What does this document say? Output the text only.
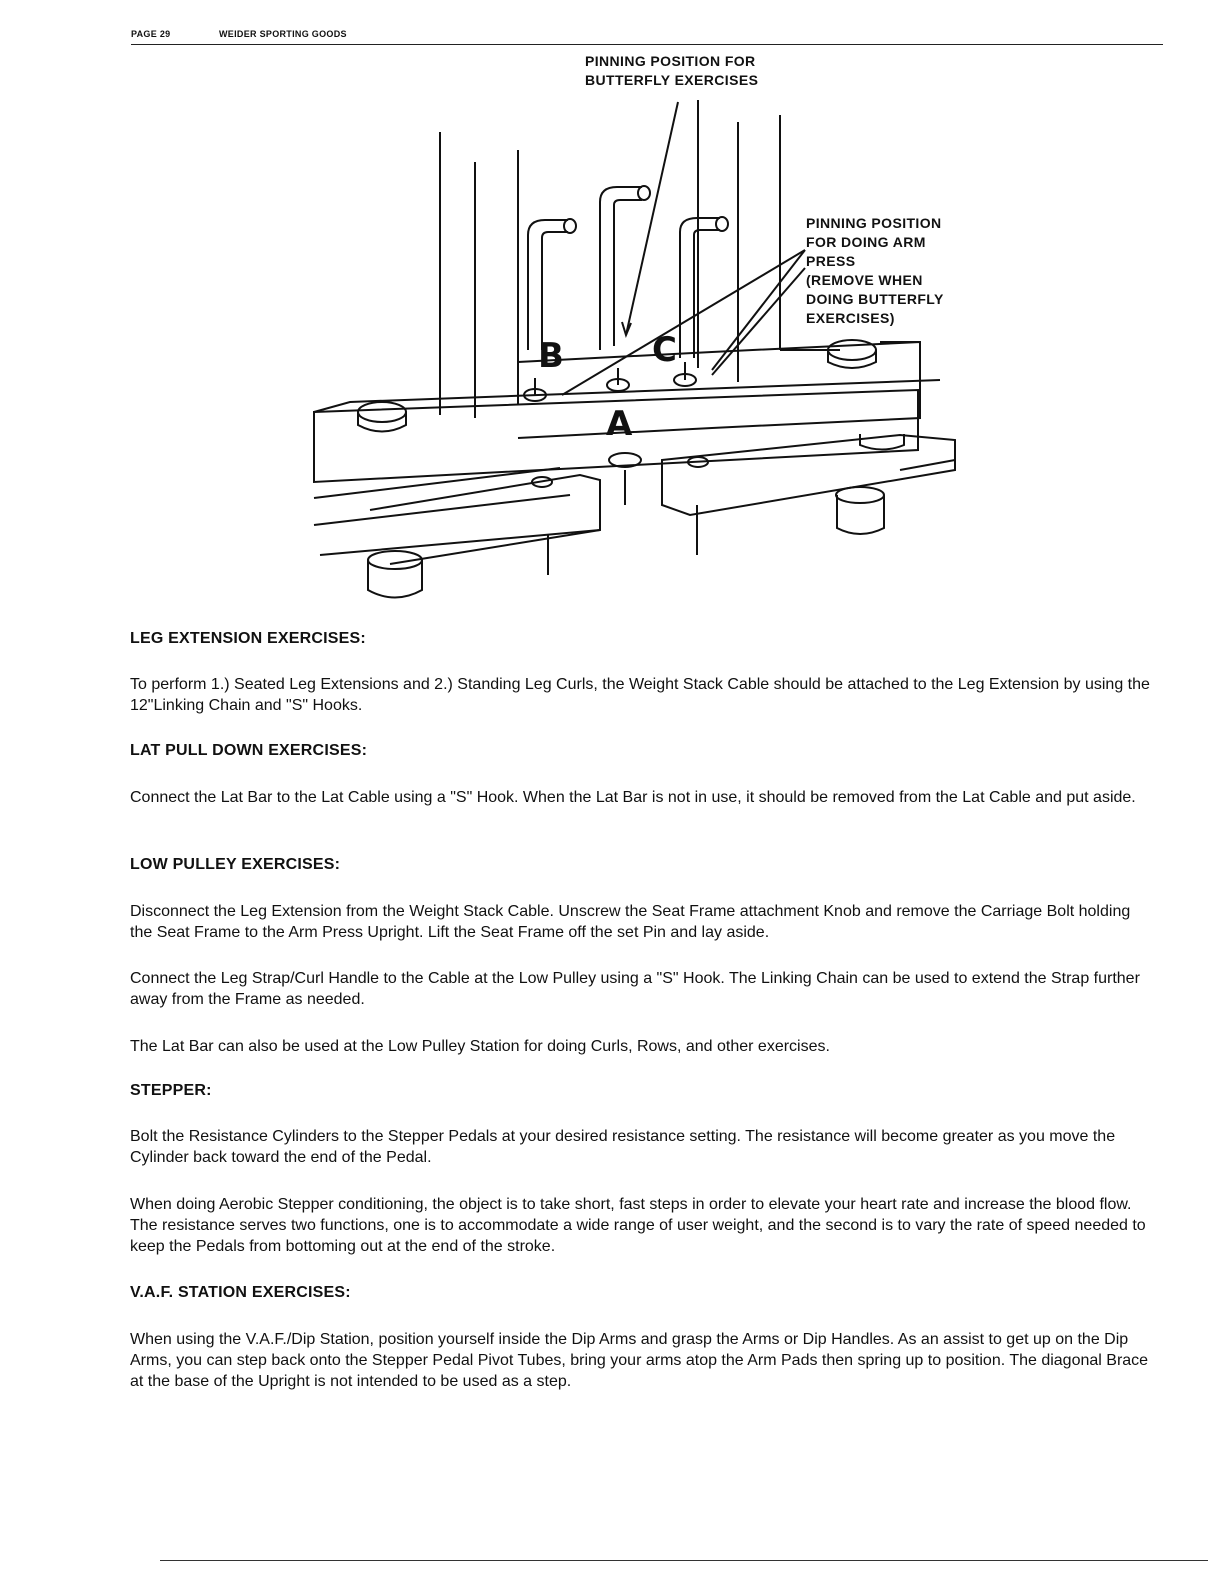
PAGE 29	WEIDER SPORTING GOODS
PINNING POSITION FOR
BUTTERFLY EXERCISES
PINNING POSITION
FOR DOING ARM
PRESS
(REMOVE WHEN
DOING BUTTERFLY
EXERCISES)
B	C
A
LEG EXTENSION EXERCISES:
To perform 1.) Seated Leg Extensions and 2.) Standing Leg Curls, the Weight Stack Cable should be attached to the Leg Extension by using the 12"Linking Chain and "S" Hooks.
LAT PULL DOWN EXERCISES:
Connect the Lat Bar to the Lat Cable using a "S" Hook. When the Lat Bar is not in use, it should be removed from the Lat Cable and put aside.
LOW PULLEY EXERCISES:
Disconnect the Leg Extension from the Weight Stack Cable. Unscrew the Seat Frame attachment Knob and remove the Carriage Bolt holding the Seat Frame to the Arm Press Upright. Lift the Seat Frame off the set Pin and lay aside.
Connect the Leg Strap/Curl Handle to the Cable at the Low Pulley using a "S" Hook. The Linking Chain can be used to extend the Strap further away from the Frame as needed.
The Lat Bar can also be used at the Low Pulley Station for doing Curls, Rows, and other exercises.
STEPPER:
Bolt the Resistance Cylinders to the Stepper Pedals at your desired resistance setting. The resistance will become greater as you move the Cylinder back toward the end of the Pedal.
When doing Aerobic Stepper conditioning, the object is to take short, fast steps in order to elevate your heart rate and increase the blood flow. The resistance serves two functions, one is to accommodate a wide range of user weight, and the second is to vary the rate of speed needed to keep the Pedals from bottoming out at the end of the stroke.
V.A.F. STATION EXERCISES:
When using the V.A.F./Dip Station, position yourself inside the Dip Arms and grasp the Arms or Dip Handles. As an assist to get up on the Dip Arms, you can step back onto the Stepper Pedal Pivot Tubes, bring your arms atop the Arm Pads then spring up to position. The diagonal Brace at the base of the Upright is not intended to be used as a step.
